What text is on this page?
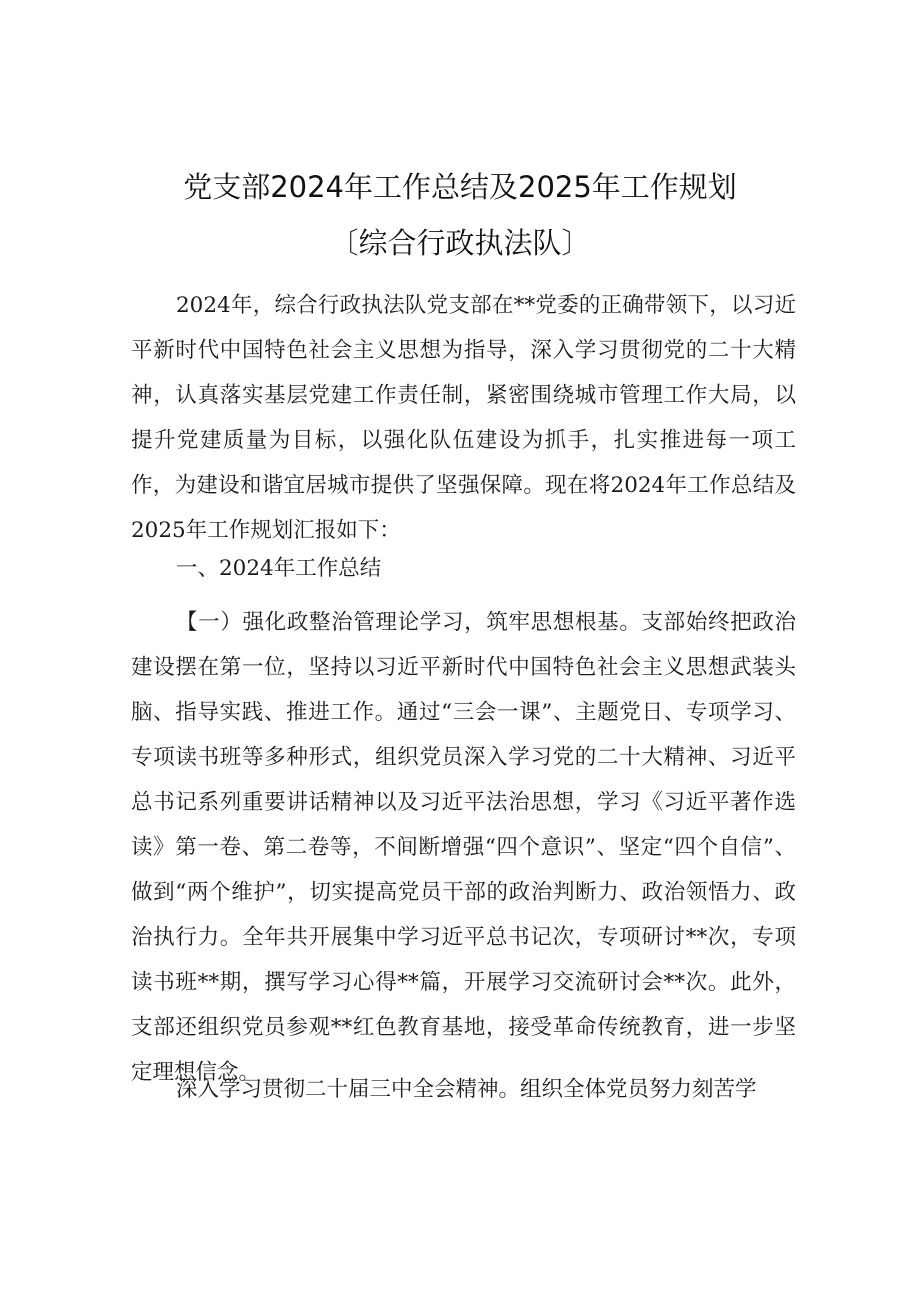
党支部2024年工作总结及2025年工作规划
〔综合行政执法队〕

2024年，综合行政执法队党支部在**党委的正确带领下，以习近平新时代中国特色社会主义思想为指导，深入学习贯彻党的二十大精神，认真落实基层党建工作责任制，紧密围绕城市管理工作大局，以提升党建质量为目标，以强化队伍建设为抓手，扎实推进每一项工作，为建设和谐宜居城市提供了坚强保障。现在将2024年工作总结及2025年工作规划汇报如下：

一、2024年工作总结

【一）强化政整治管理论学习，筑牢思想根基。支部始终把政治建设摆在第一位，坚持以习近平新时代中国特色社会主义思想武装头脑、指导实践、推进工作。通过“三会一课”、主题党日、专项学习、专项读书班等多种形式，组织党员深入学习党的二十大精神、习近平总书记系列重要讲话精神以及习近平法治思想，学习《习近平著作选读》第一卷、第二卷等，不间断增强“四个意识”、坚定“四个自信”、做到“两个维护”，切实提高党员干部的政治判断力、政治领悟力、政治执行力。全年共开展集中学习近平总书记次，专项研讨**次，专项读书班**期，撰写学习心得**篇，开展学习交流研讨会**次。此外，支部还组织党员参观**红色教育基地，接受革命传统教育，进一步坚定理想信念。

深入学习贯彻二十届三中全会精神。组织全体党员努力刻苦学
